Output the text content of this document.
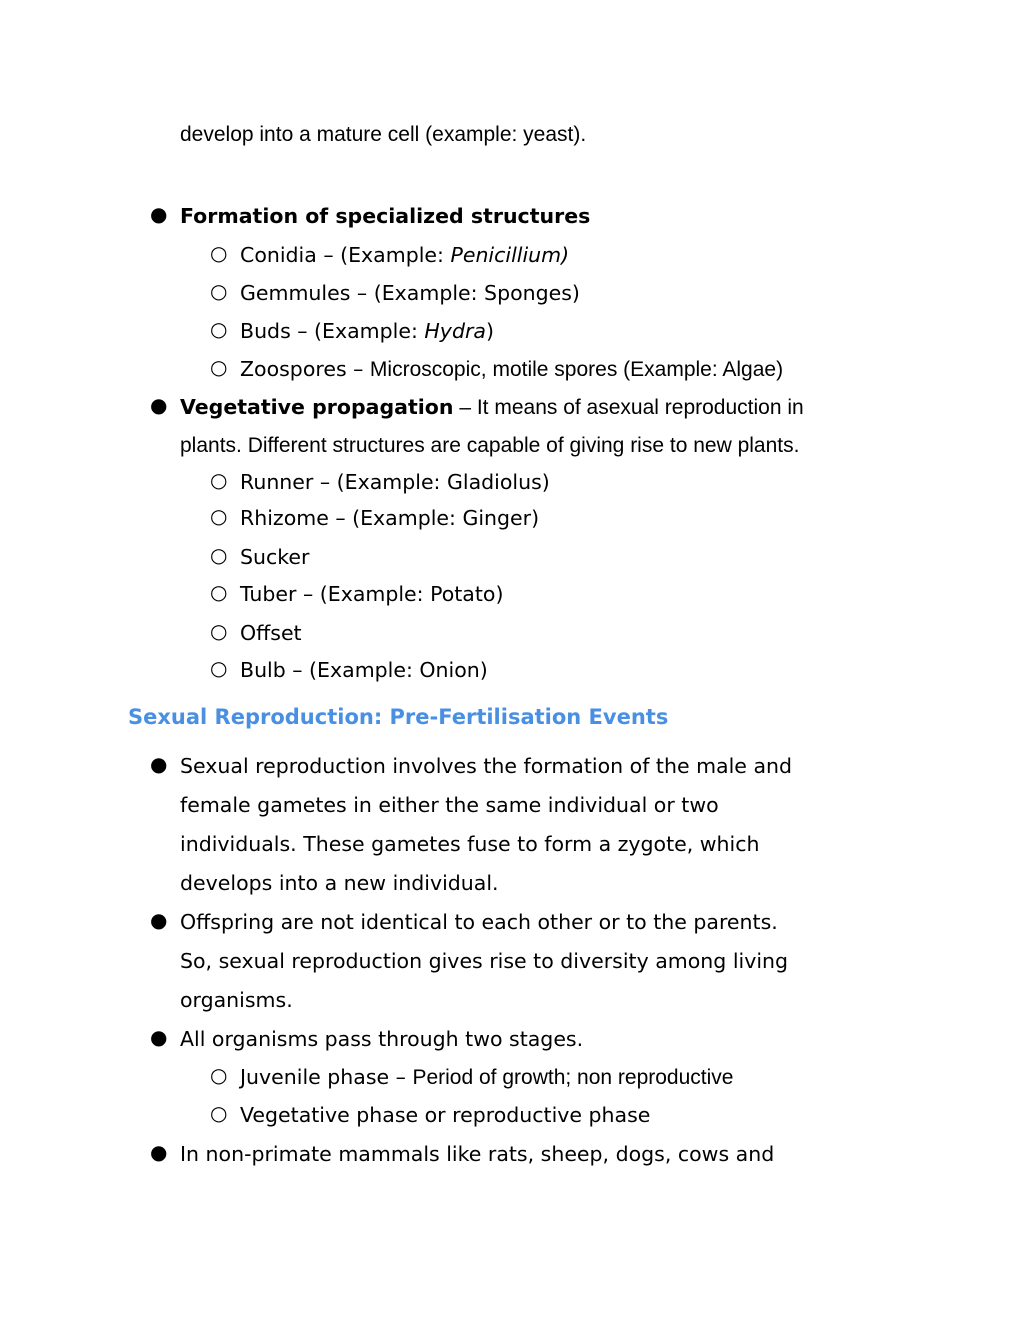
develop into a mature cell (example: yeast).
● Formation of specialized structures
○ Conidia – (Example: Penicillium)
○ Gemmules – (Example: Sponges)
○ Buds – (Example: Hydra)
○ Zoospores – Microscopic, motile spores (Example: Algae)
● Vegetative propagation – It means of asexual reproduction in
plants. Different structures are capable of giving rise to new plants.
○ Runner – (Example: Gladiolus)
○ Rhizome – (Example: Ginger)
○ Sucker
○ Tuber – (Example: Potato)
○ Offset
○ Bulb – (Example: Onion)
Sexual Reproduction: Pre-Fertilisation Events
● Sexual reproduction involves the formation of the male and
female gametes in either the same individual or two
individuals. These gametes fuse to form a zygote, which
develops into a new individual.
● Offspring are not identical to each other or to the parents.
So, sexual reproduction gives rise to diversity among living
organisms.
● All organisms pass through two stages.
○ Juvenile phase – Period of growth; non reproductive
○ Vegetative phase or reproductive phase
● In non-primate mammals like rats, sheep, dogs, cows and
